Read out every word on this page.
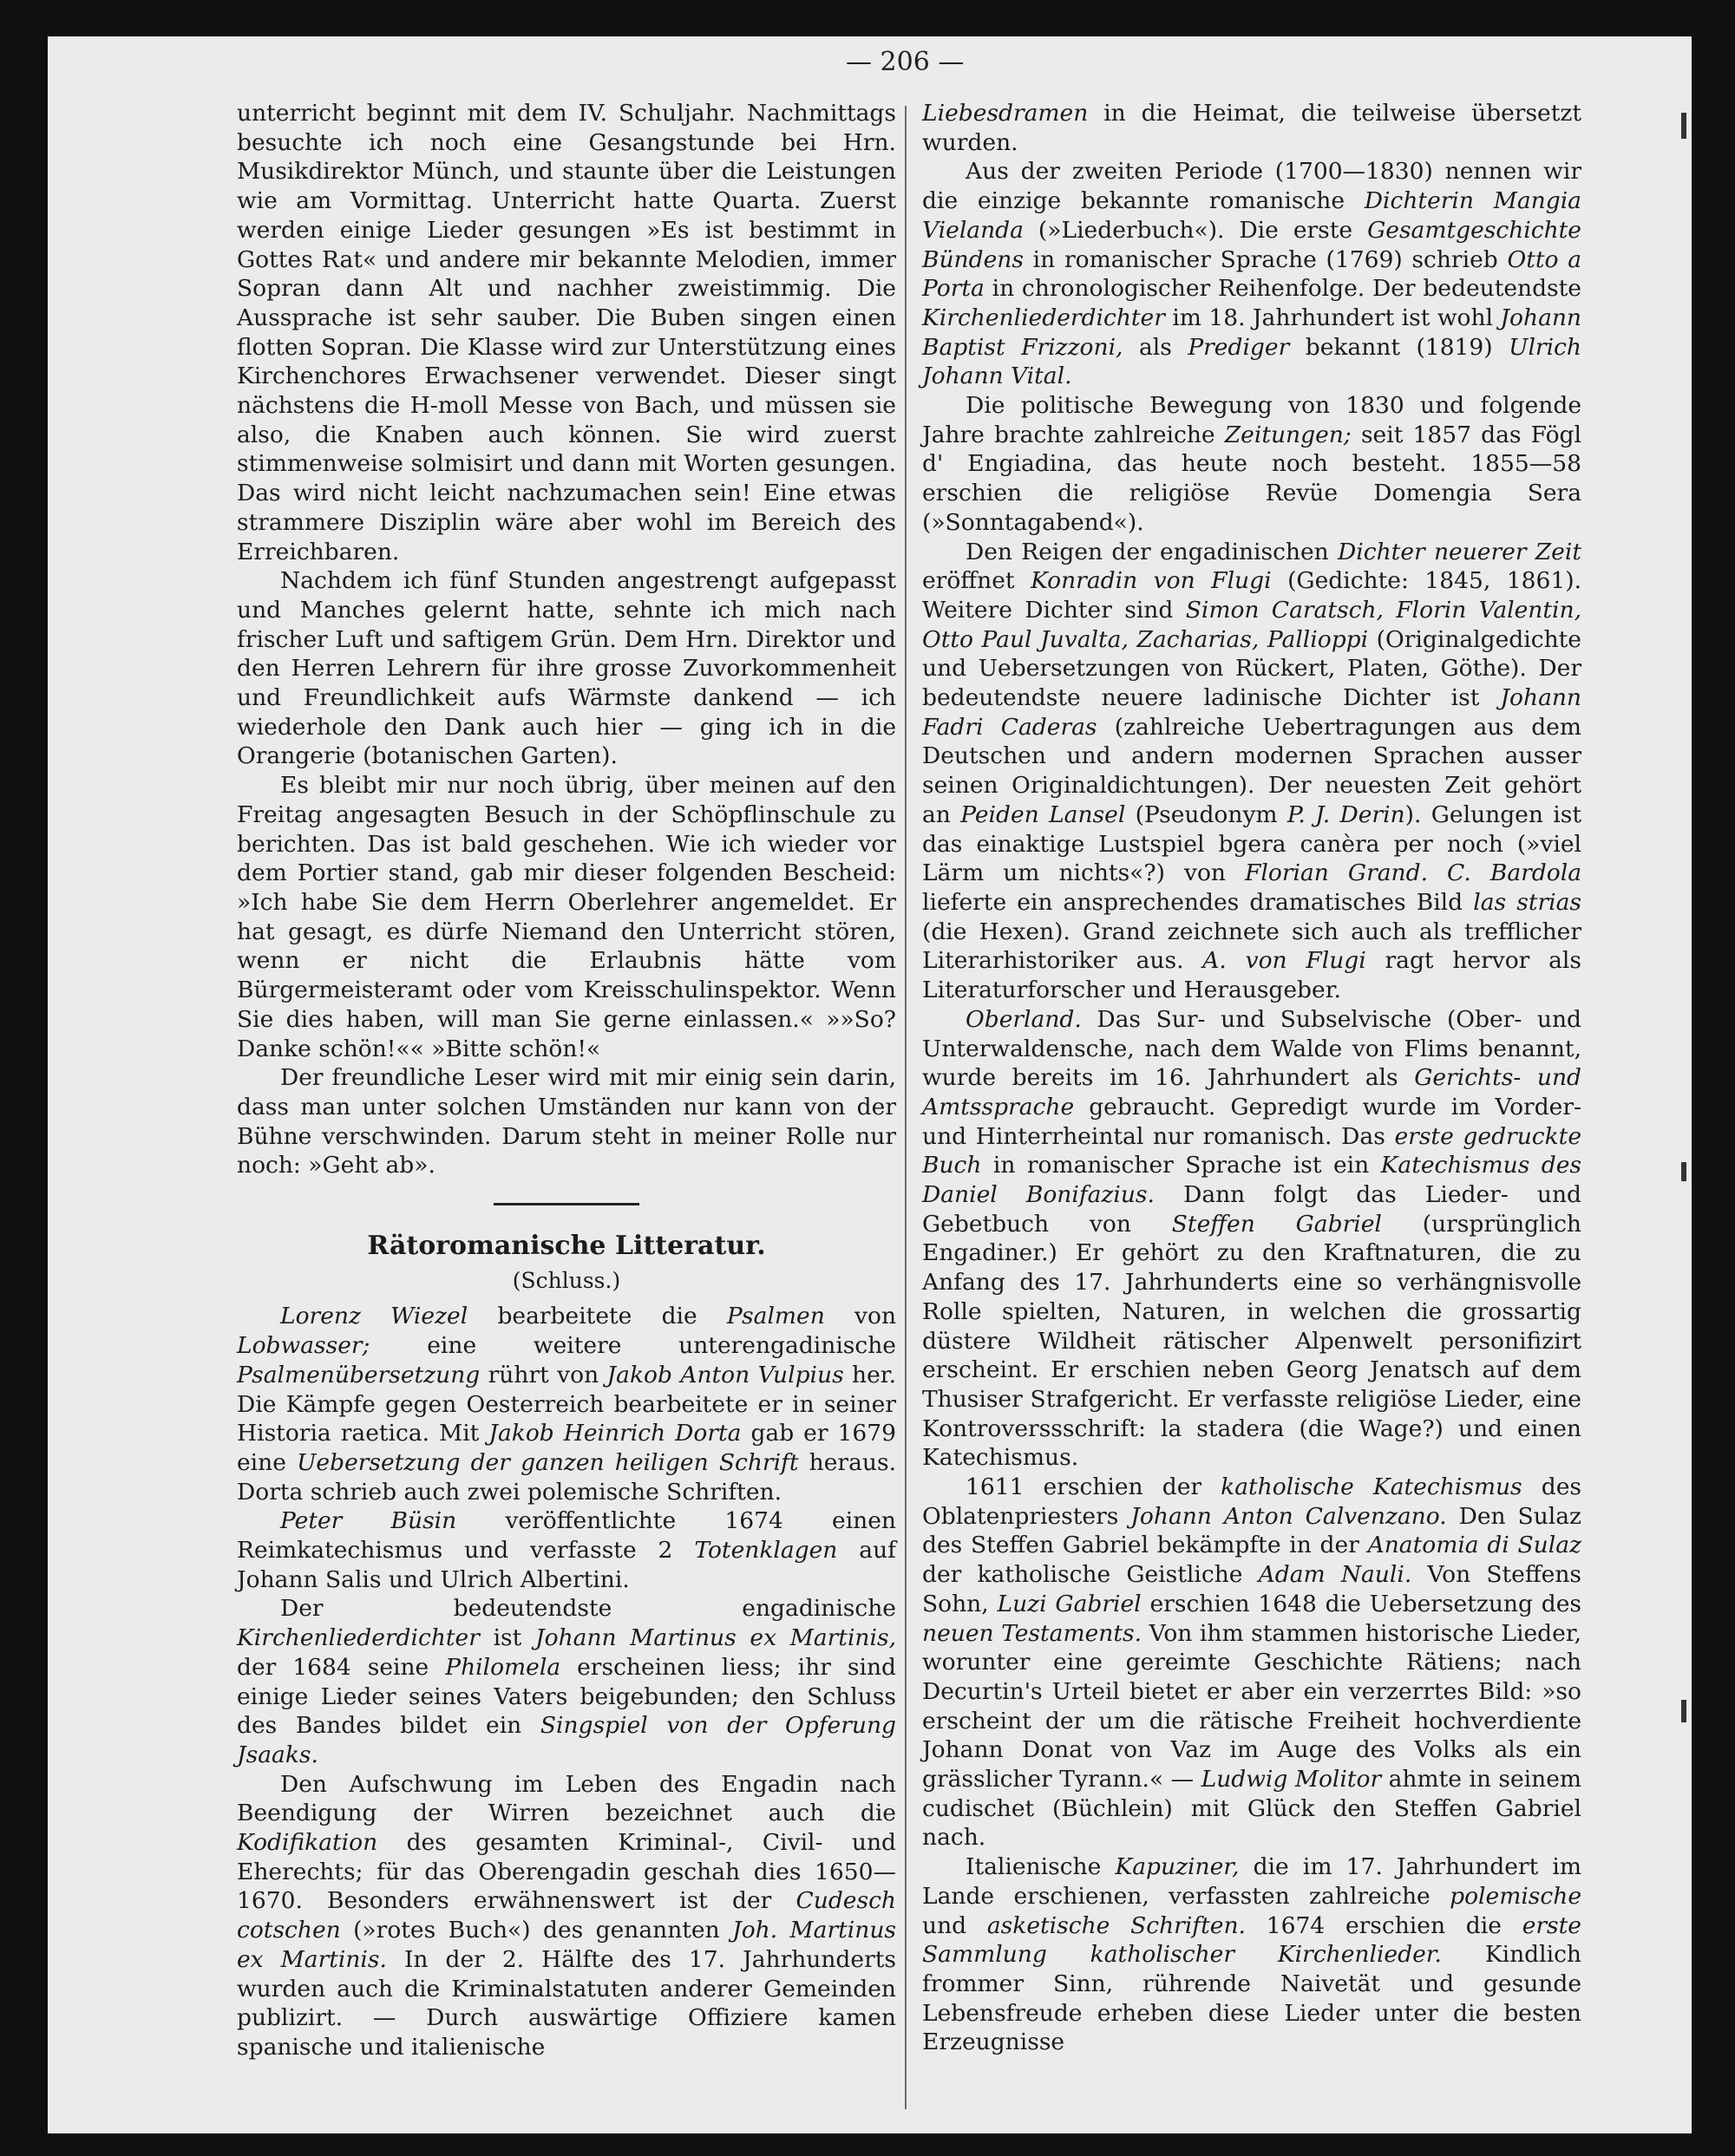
— 206 —

unterricht beginnt mit dem IV. Schuljahr. Nachmittags besuchte ich noch eine Gesangstunde bei Hrn. Musikdirektor Münch, und staunte über die Leistungen wie am Vormittag. Unterricht hatte Quarta. Zuerst werden einige Lieder gesungen »Es ist bestimmt in Gottes Rat« und andere mir bekannte Melodien, immer Sopran dann Alt und nachher zweistimmig. Die Aussprache ist sehr sauber. Die Buben singen einen flotten Sopran. Die Klasse wird zur Unterstützung eines Kirchenchores Erwachsener verwendet. Dieser singt nächstens die H-moll Messe von Bach, und müssen sie also, die Knaben auch können. Sie wird zuerst stimmenweise solmisirt und dann mit Worten gesungen. Das wird nicht leicht nachzumachen sein! Eine etwas strammere Disziplin wäre aber wohl im Bereich des Erreichbaren.

Nachdem ich fünf Stunden angestrengt aufgepasst und Manches gelernt hatte, sehnte ich mich nach frischer Luft und saftigem Grün. Dem Hrn. Direktor und den Herren Lehrern für ihre grosse Zuvorkommenheit und Freundlichkeit aufs Wärmste dankend — ich wiederhole den Dank auch hier — ging ich in die Orangerie (botanischen Garten).

Es bleibt mir nur noch übrig, über meinen auf den Freitag angesagten Besuch in der Schöpflinschule zu berichten. Das ist bald geschehen. Wie ich wieder vor dem Portier stand, gab mir dieser folgenden Bescheid: »Ich habe Sie dem Herrn Oberlehrer angemeldet. Er hat gesagt, es dürfe Niemand den Unterricht stören, wenn er nicht die Erlaubnis hätte vom Bürgermeisteramt oder vom Kreisschulinspektor. Wenn Sie dies haben, will man Sie gerne einlassen.« »»So? Danke schön!«« »Bitte schön!«

Der freundliche Leser wird mit mir einig sein darin, dass man unter solchen Umständen nur kann von der Bühne verschwinden. Darum steht in meiner Rolle nur noch: »Geht ab».

Rätoromanische Litteratur.
(Schluss.)

Lorenz Wiezel bearbeitete die Psalmen von Lobwasser; eine weitere unterengadinische Psalmenübersetzung rührt von Jakob Anton Vulpius her. Die Kämpfe gegen Oesterreich bearbeitete er in seiner Historia raetica. Mit Jakob Heinrich Dorta gab er 1679 eine Uebersetzung der ganzen heiligen Schrift heraus. Dorta schrieb auch zwei polemische Schriften.

Peter Büsin veröffentlichte 1674 einen Reimkatechismus und verfasste 2 Totenklagen auf Johann Salis und Ulrich Albertini.

Der bedeutendste engadinische Kirchenliederdichter ist Johann Martinus ex Martinis, der 1684 seine Philomela erscheinen liess; ihr sind einige Lieder seines Vaters beigebunden; den Schluss des Bandes bildet ein Singspiel von der Opferung Jsaaks.

Den Aufschwung im Leben des Engadin nach Beendigung der Wirren bezeichnet auch die Kodifikation des gesamten Kriminal-, Civil- und Eherechts; für das Oberengadin geschah dies 1650—1670. Besonders erwähnenswert ist der Cudesch cotschen (»rotes Buch«) des genannten Joh. Martinus ex Martinis. In der 2. Hälfte des 17. Jahrhunderts wurden auch die Kriminalstatuten anderer Gemeinden publizirt. — Durch auswärtige Offiziere kamen spanische und italienische

Liebesdramen in die Heimat, die teilweise übersetzt wurden.

Aus der zweiten Periode (1700—1830) nennen wir die einzige bekannte romanische Dichterin Mangia Vielanda (»Liederbuch«). Die erste Gesamtgeschichte Bündens in romanischer Sprache (1769) schrieb Otto a Porta in chronologischer Reihenfolge. Der bedeutendste Kirchenliederdichter im 18. Jahrhundert ist wohl Johann Baptist Frizzoni, als Prediger bekannt (1819) Ulrich Johann Vital.

Die politische Bewegung von 1830 und folgende Jahre brachte zahlreiche Zeitungen; seit 1857 das Fögl d' Engiadina, das heute noch besteht. 1855—58 erschien die religiöse Revüe Domengia Sera (»Sonntagabend«).

Den Reigen der engadinischen Dichter neuerer Zeit eröffnet Konradin von Flugi (Gedichte: 1845, 1861). Weitere Dichter sind Simon Caratsch, Florin Valentin, Otto Paul Juvalta, Zacharias, Pallioppi (Originalgedichte und Uebersetzungen von Rückert, Platen, Göthe). Der bedeutendste neuere ladinische Dichter ist Johann Fadri Caderas (zahlreiche Uebertragungen aus dem Deutschen und andern modernen Sprachen ausser seinen Originaldichtungen). Der neuesten Zeit gehört an Peiden Lansel (Pseudonym P. J. Derin). Gelungen ist das einaktige Lustspiel bgera canèra per noch (»viel Lärm um nichts«?) von Florian Grand. C. Bardola lieferte ein ansprechendes dramatisches Bild las strias (die Hexen). Grand zeichnete sich auch als trefflicher Literarhistoriker aus. A. von Flugi ragt hervor als Literaturforscher und Herausgeber.

Oberland. Das Sur- und Subselvische (Ober- und Unterwaldensche, nach dem Walde von Flims benannt, wurde bereits im 16. Jahrhundert als Gerichts- und Amtssprache gebraucht. Gepredigt wurde im Vorder- und Hinterrheintal nur romanisch. Das erste gedruckte Buch in romanischer Sprache ist ein Katechismus des Daniel Bonifazius. Dann folgt das Lieder- und Gebetbuch von Steffen Gabriel (ursprünglich Engadiner.) Er gehört zu den Kraftnaturen, die zu Anfang des 17. Jahrhunderts eine so verhängnisvolle Rolle spielten, Naturen, in welchen die grossartig düstere Wildheit rätischer Alpenwelt personifizirt erscheint. Er erschien neben Georg Jenatsch auf dem Thusiser Strafgericht. Er verfasste religiöse Lieder, eine Kontroverssschrift: la stadera (die Wage?) und einen Katechismus.

1611 erschien der katholische Katechismus des Oblatenpriesters Johann Anton Calvenzano. Den Sulaz des Steffen Gabriel bekämpfte in der Anatomia di Sulaz der katholische Geistliche Adam Nauli. Von Steffens Sohn, Luzi Gabriel erschien 1648 die Uebersetzung des neuen Testaments. Von ihm stammen historische Lieder, worunter eine gereimte Geschichte Rätiens; nach Decurtin's Urteil bietet er aber ein verzerrtes Bild: »so erscheint der um die rätische Freiheit hochverdiente Johann Donat von Vaz im Auge des Volks als ein grässlicher Tyrann.« — Ludwig Molitor ahmte in seinem cudischet (Büchlein) mit Glück den Steffen Gabriel nach.

Italienische Kapuziner, die im 17. Jahrhundert im Lande erschienen, verfassten zahlreiche polemische und asketische Schriften. 1674 erschien die erste Sammlung katholischer Kirchenlieder. Kindlich frommer Sinn, rührende Naivetät und gesunde Lebensfreude erheben diese Lieder unter die besten Erzeugnisse
